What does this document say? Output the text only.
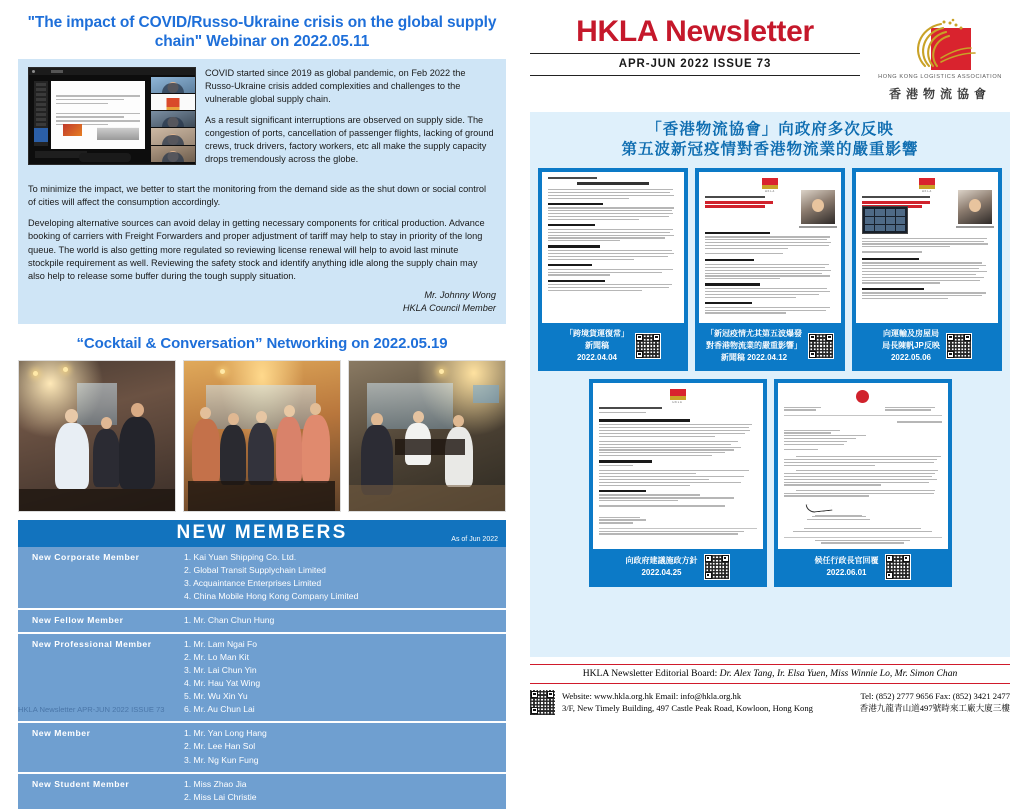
"The impact of COVID/Russo-Ukraine crisis on the global supply chain" Webinar on 2022.05.11

COVID started since 2019 as global pandemic, on Feb 2022 the Russo-Ukraine crisis added complexities and challenges to the vulnerable global supply chain.

As a result significant interruptions are observed on supply side. The congestion of ports, cancellation of passenger flights, lacking of ground crews, truck drivers, factory workers, etc all make the supply capacity drops tremendously across the globe.

To minimize the impact, we better to start the monitoring from the demand side as the shut down or social control of cities will affect the consumption accordingly.

Developing alternative sources can avoid delay in getting necessary components for critical production. Advance booking of carriers with Freight Forwarders and proper adjustment of tariff may help to stay in priority of the long queue. The world is also getting more regulated so reviewing license renewal will help to avoid last minute stockpile requirement as well. Reviewing the safety stock and identify anything idle along the supply chain may also help to release some buffer during the tough supply situation.

Mr. Johnny Wong
HKLA Council Member
“Cocktail & Conversation” Networking on 2022.05.19
NEW MEMBERS	As of Jun 2022
New Corporate Member	1. Kai Yuan Shipping Co. Ltd.
2. Global Transit Supplychain Limited
3. Acquaintance Enterprises Limited
4. China Mobile Hong Kong Company Limited
New Fellow Member	1. Mr. Chan Chun Hung
New Professional Member	1. Mr. Lam Ngai Fo
2. Mr. Lo Man Kit
3. Mr. Lai Chun Yin
4. Mr. Hau Yat Wing
5. Mr. Wu Xin Yu
6. Mr. Au Chun Lai
New Member	1. Mr. Yan Long Hang
2. Mr. Lee Han Sol
3. Mr. Ng Kun Fung
New Student Member	1. Miss Zhao Jia
2. Miss Lai Christie
HKLA Newsletter APR-JUN 2022 ISSUE 73
HKLA Newsletter
APR-JUN 2022 ISSUE 73
HONG KONG LOGISTICS ASSOCIATION
香港物流協會
「香港物流協會」向政府多次反映
第五波新冠疫情對香港物流業的嚴重影響
「跨境貨運復常」
新聞稿
2022.04.04
HKLA
「新冠疫情尤其第五波爆發
對香港物流業的嚴重影響」
新聞稿 2022.04.12
HKLA
向運輸及房屋局
局長陳帆JP反映
2022.05.06
HKLA
向政府建議施政方針
2022.04.25
候任行政長官回覆
2022.06.01
HKLA Newsletter Editorial Board: Dr. Alex Tang, Ir. Elsa Yuen, Miss Winnie Lo, Mr. Simon Chan
Website: www.hkla.org.hk Email: info@hkla.org.hk
3/F, New Timely Building, 497 Castle Peak Road, Kowloon, Hong Kong
Tel: (852) 2777 9656 Fax: (852) 3421 2477
香港九龍青山道497號時來工廠大廈三樓
